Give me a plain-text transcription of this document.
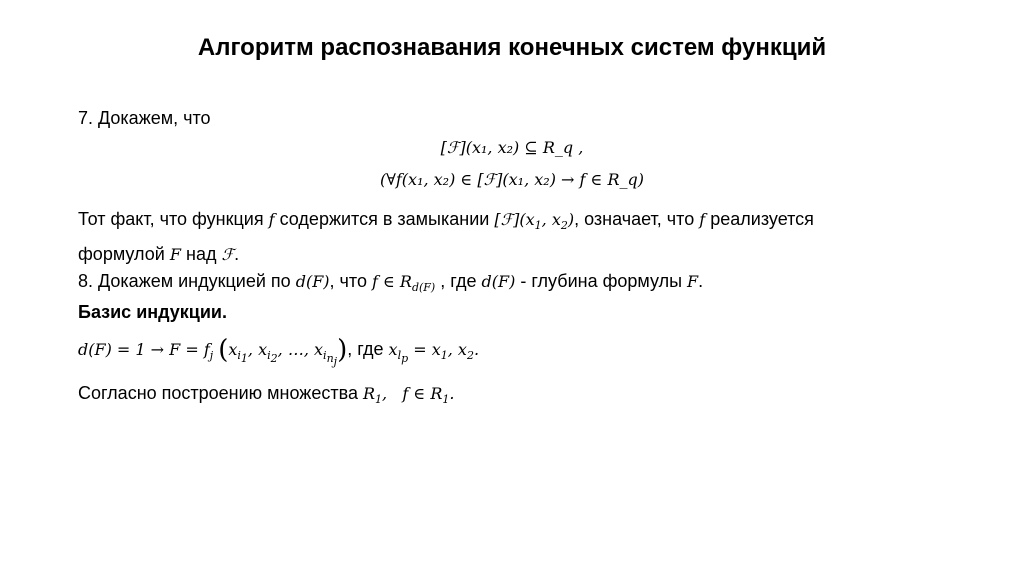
Алгоритм распознавания конечных систем функций
7. Докажем, что
[ℱ](x₁, x₂) ⊆ R_q ,
(∀f(x₁, x₂) ∈ [ℱ](x₁, x₂) → f ∈ R_q)
Тот факт, что функция f содержится в замыкании $[ℱ](x_1$, $x_2$), означает, что f реализуется
формулой F над ℱ.
8. Докажем индукцией по d(F), что f ∈ $R_{d(F)}$ , где d(F) - глубина формулы F.
Базис индукции.
$d(F) = 1 \to F = f_j$ ($x_{i_1}$, $x_{i_2}$, …, $x_{i_{n_j}}$), где $x_{l_p} = x_1$, $x_2$.
Согласно построению множества $R_1$,   f ∈ $R_1$.
